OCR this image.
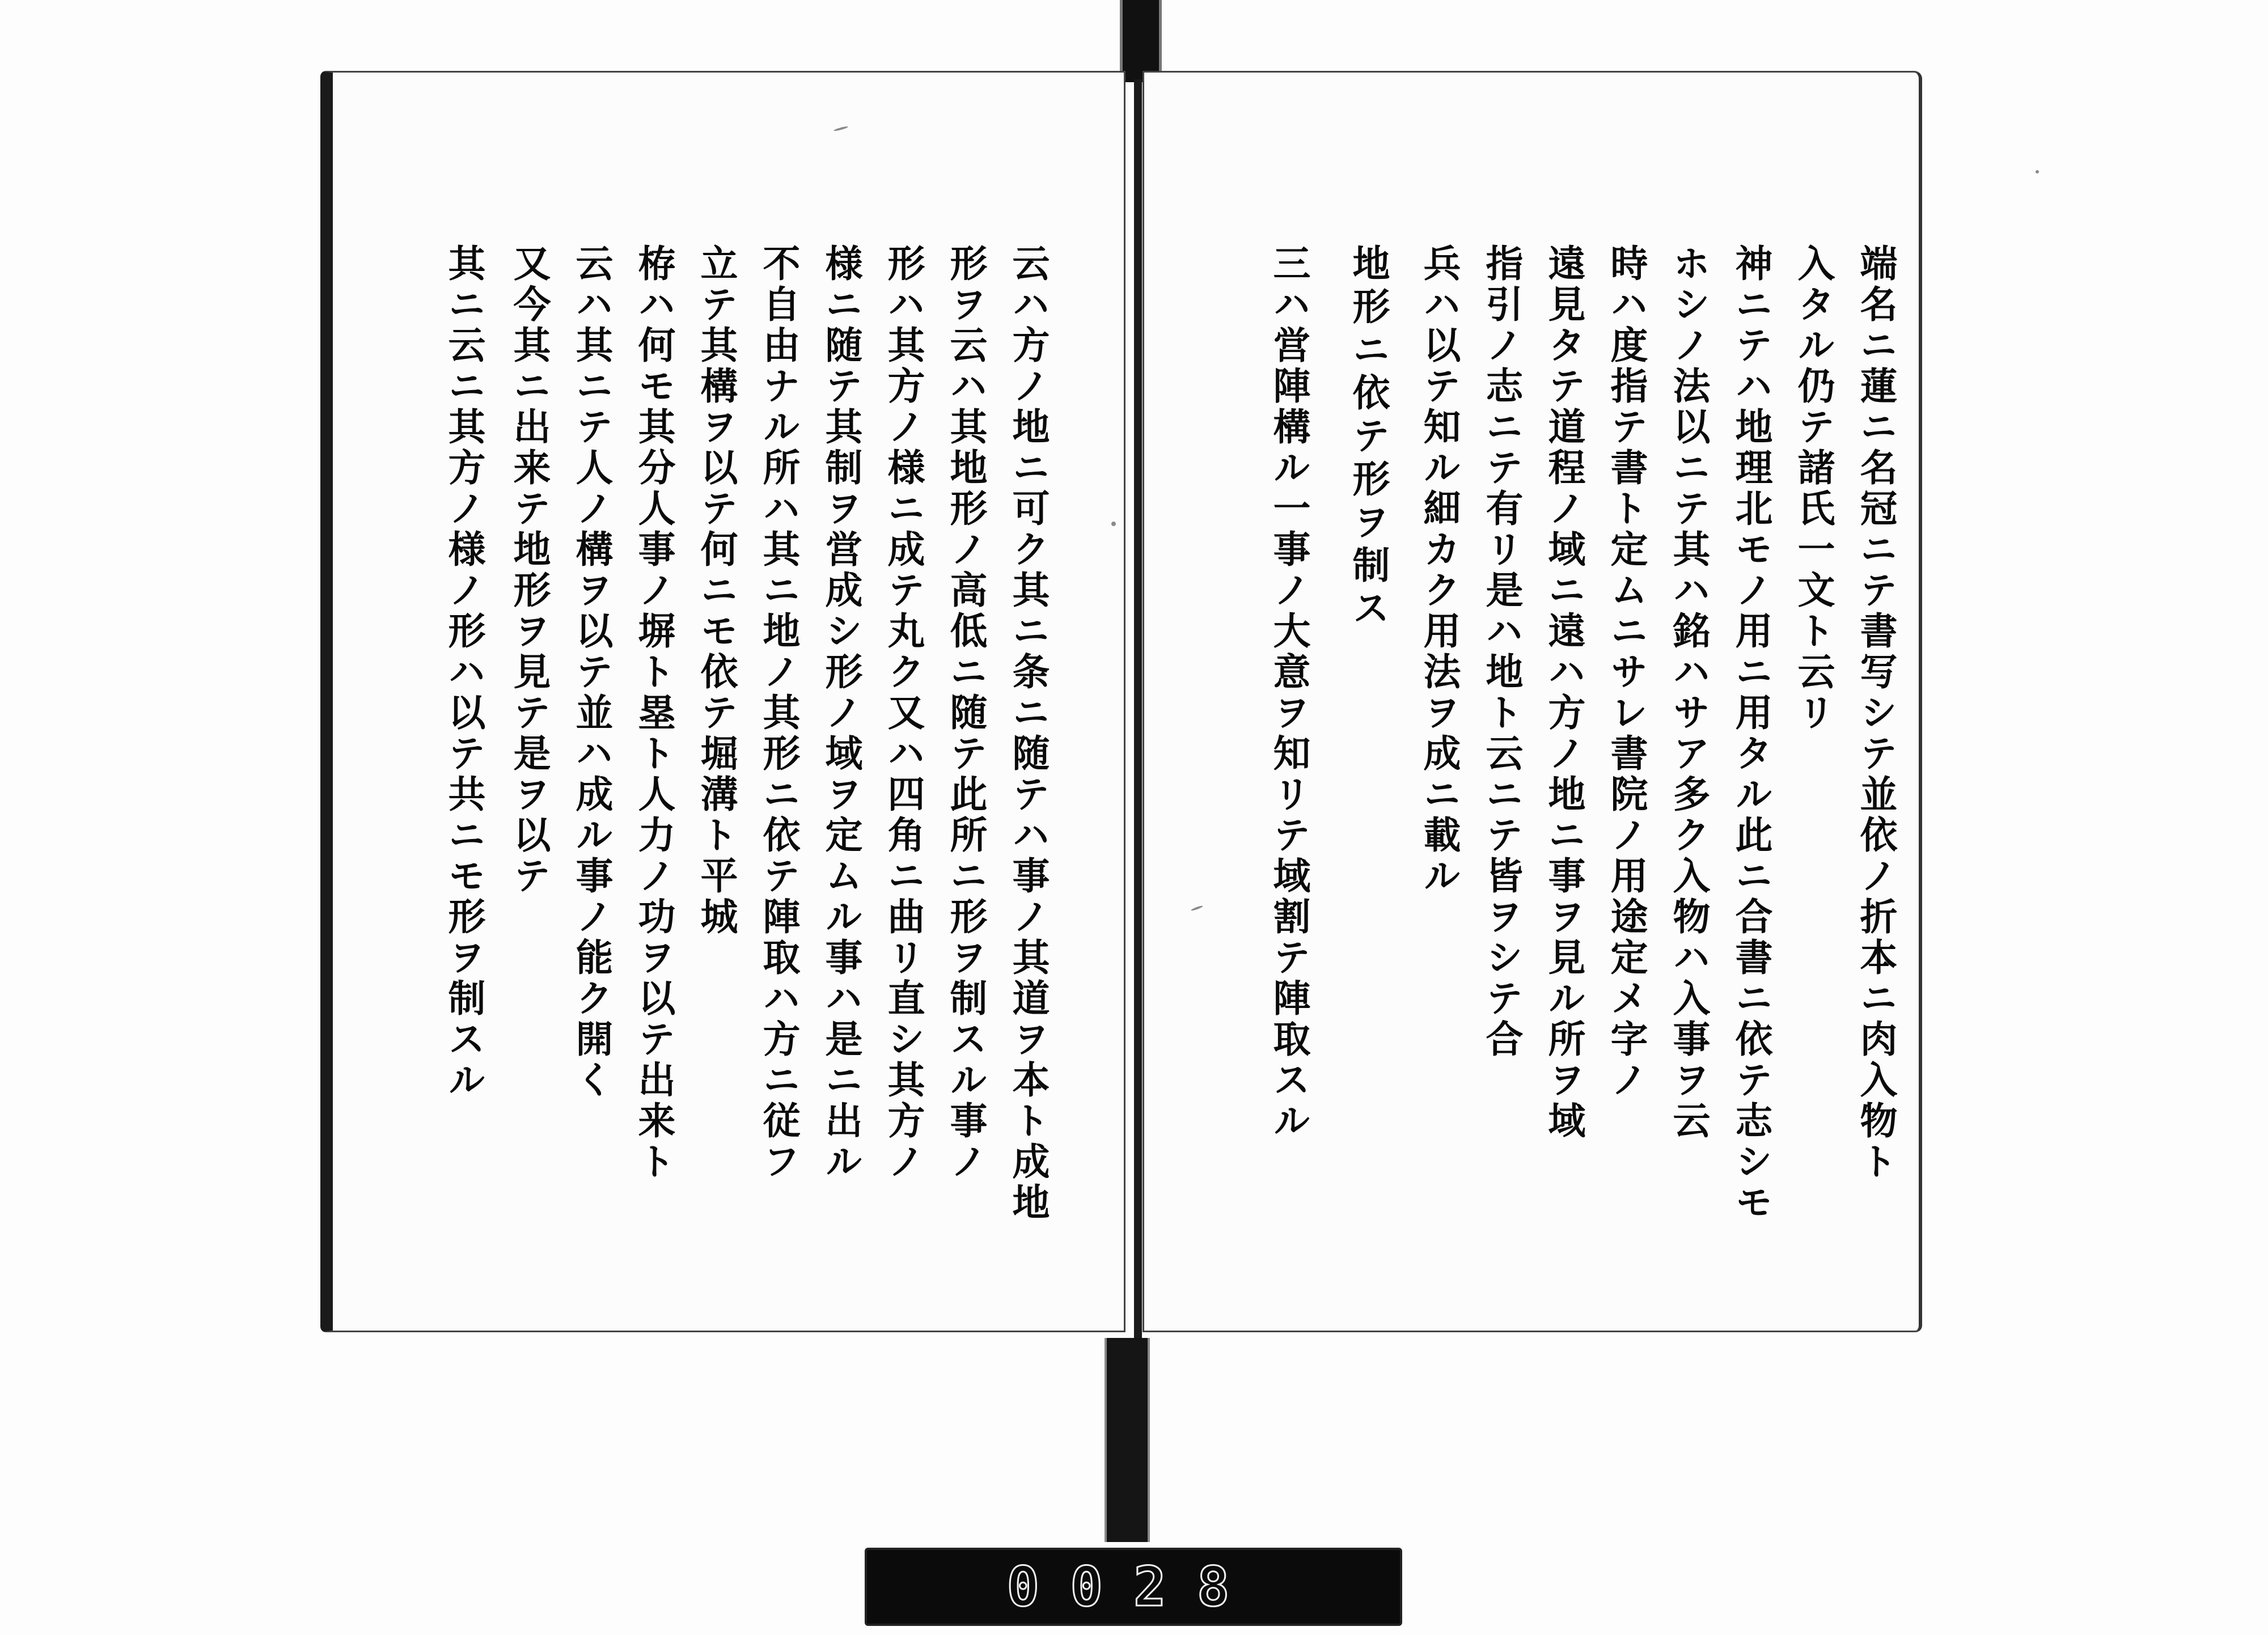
端名ニ蓮ニ名冠ニテ書写シテ並依ノ折本ニ肉入物ト
入タル仍テ諸氏一文ト云リ
神ニテハ地理北モノ用ニ用タル此ニ合書ニ依テ志シモ
ホシノ法以ニテ其ハ銘ハサア多ク入物ハ入事ヲ云
時ハ度指テ書ト定ムニサレ書院ノ用途定メ字ノ
遠見タテ道程ノ域ニ遠ハ方ノ地ニ事ヲ見ル所ヲ域
指引ノ志ニテ有リ是ハ地ト云ニテ皆ヲシテ合
兵ハ以テ知ル細カク用法ヲ成ニ載ル
地形ニ依テ形ヲ制ス
三ハ営陣構ル一事ノ大意ヲ知リテ域割テ陣取スル
云ハ方ノ地ニ可ク其ニ条ニ随テハ事ノ其道ヲ本ト成地
形ヲ云ハ其地形ノ高低ニ随テ此所ニ形ヲ制スル事ノ
形ハ其方ノ様ニ成テ丸ク又ハ四角ニ曲リ直シ其方ノ
様ニ随テ其制ヲ営成シ形ノ域ヲ定ムル事ハ是ニ出ル
不自由ナル所ハ其ニ地ノ其形ニ依テ陣取ハ方ニ従フ
立テ其構ヲ以テ何ニモ依テ堀溝ト平城
栫ハ何モ其分人事ノ塀ト塁ト人力ノ功ヲ以テ出来ト
云ハ其ニテ人ノ構ヲ以テ並ハ成ル事ノ能ク開く
又今其ニ出来テ地形ヲ見テ是ヲ以テ
其ニ云ニ其方ノ様ノ形ハ以テ共ニモ形ヲ制スル
0028
